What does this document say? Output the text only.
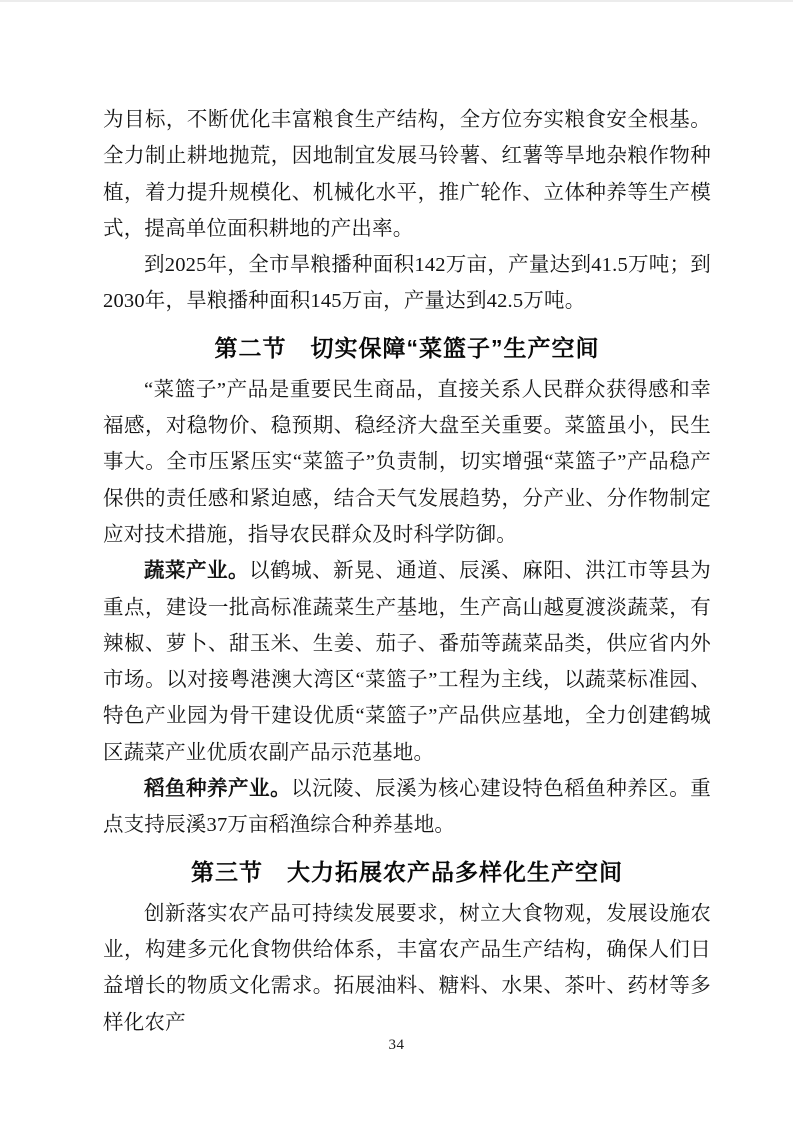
为目标，不断优化丰富粮食生产结构，全方位夯实粮食安全根基。全力制止耕地抛荒，因地制宜发展马铃薯、红薯等旱地杂粮作物种植，着力提升规模化、机械化水平，推广轮作、立体种养等生产模式，提高单位面积耕地的产出率。

到2025年，全市旱粮播种面积142万亩，产量达到41.5万吨；到2030年，旱粮播种面积145万亩，产量达到42.5万吨。

第二节　切实保障“菜篮子”生产空间

“菜篮子”产品是重要民生商品，直接关系人民群众获得感和幸福感，对稳物价、稳预期、稳经济大盘至关重要。菜篮虽小，民生事大。全市压紧压实“菜篮子”负责制，切实增强“菜篮子”产品稳产保供的责任感和紧迫感，结合天气发展趋势，分产业、分作物制定应对技术措施，指导农民群众及时科学防御。

蔬菜产业。以鹤城、新晃、通道、辰溪、麻阳、洪江市等县为重点，建设一批高标准蔬菜生产基地，生产高山越夏渡淡蔬菜，有辣椒、萝卜、甜玉米、生姜、茄子、番茄等蔬菜品类，供应省内外市场。以对接粤港澳大湾区“菜篮子”工程为主线，以蔬菜标准园、特色产业园为骨干建设优质“菜篮子”产品供应基地，全力创建鹤城区蔬菜产业优质农副产品示范基地。

稻鱼种养产业。以沅陵、辰溪为核心建设特色稻鱼种养区。重点支持辰溪37万亩稻渔综合种养基地。

第三节　大力拓展农产品多样化生产空间

创新落实农产品可持续发展要求，树立大食物观，发展设施农业，构建多元化食物供给体系，丰富农产品生产结构，确保人们日益增长的物质文化需求。拓展油料、糖料、水果、茶叶、药材等多样化农产

34
